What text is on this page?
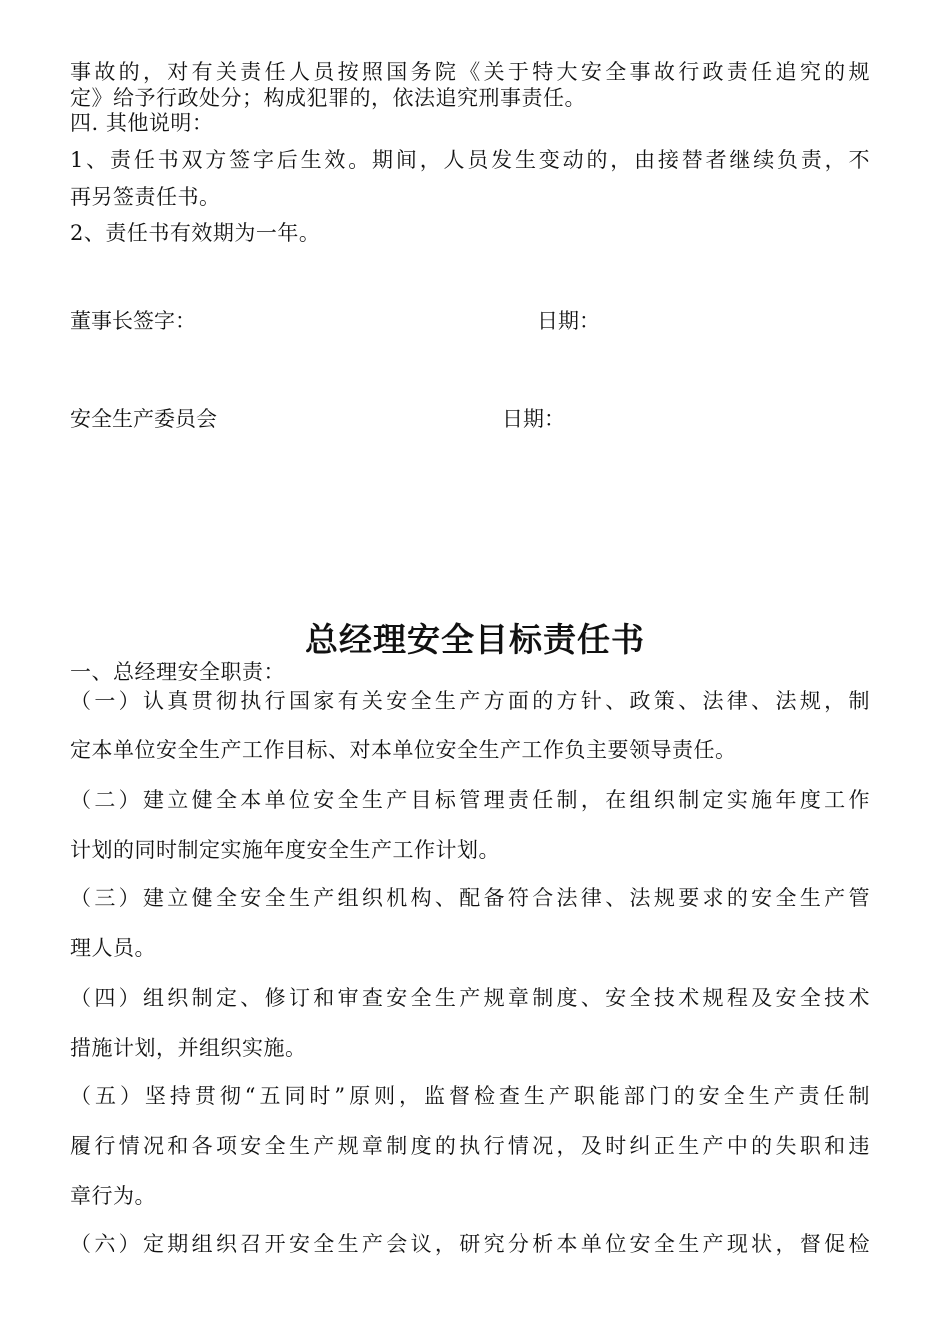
事故的，对有关责任人员按照国务院《关于特大安全事故行政责任追究的规
定》给予行政处分；构成犯罪的，依法追究刑事责任。
四. 其他说明：
1、责任书双方签字后生效。期间，人员发生变动的，由接替者继续负责，不
再另签责任书。
2、责任书有效期为一年。
董事长签字：	日期：
安全生产委员会	日期：
总经理安全目标责任书
一、总经理安全职责：
（一）认真贯彻执行国家有关安全生产方面的方针、政策、法律、法规，制
定本单位安全生产工作目标、对本单位安全生产工作负主要领导责任。
（二）建立健全本单位安全生产目标管理责任制，在组织制定实施年度工作
计划的同时制定实施年度安全生产工作计划。
（三）建立健全安全生产组织机构、配备符合法律、法规要求的安全生产管
理人员。
（四）组织制定、修订和审查安全生产规章制度、安全技术规程及安全技术
措施计划，并组织实施。
（五）坚持贯彻“五同时”原则，监督检查生产职能部门的安全生产责任制
履行情况和各项安全生产规章制度的执行情况，及时纠正生产中的失职和违
章行为。
（六）定期组织召开安全生产会议，研究分析本单位安全生产现状，督促检
